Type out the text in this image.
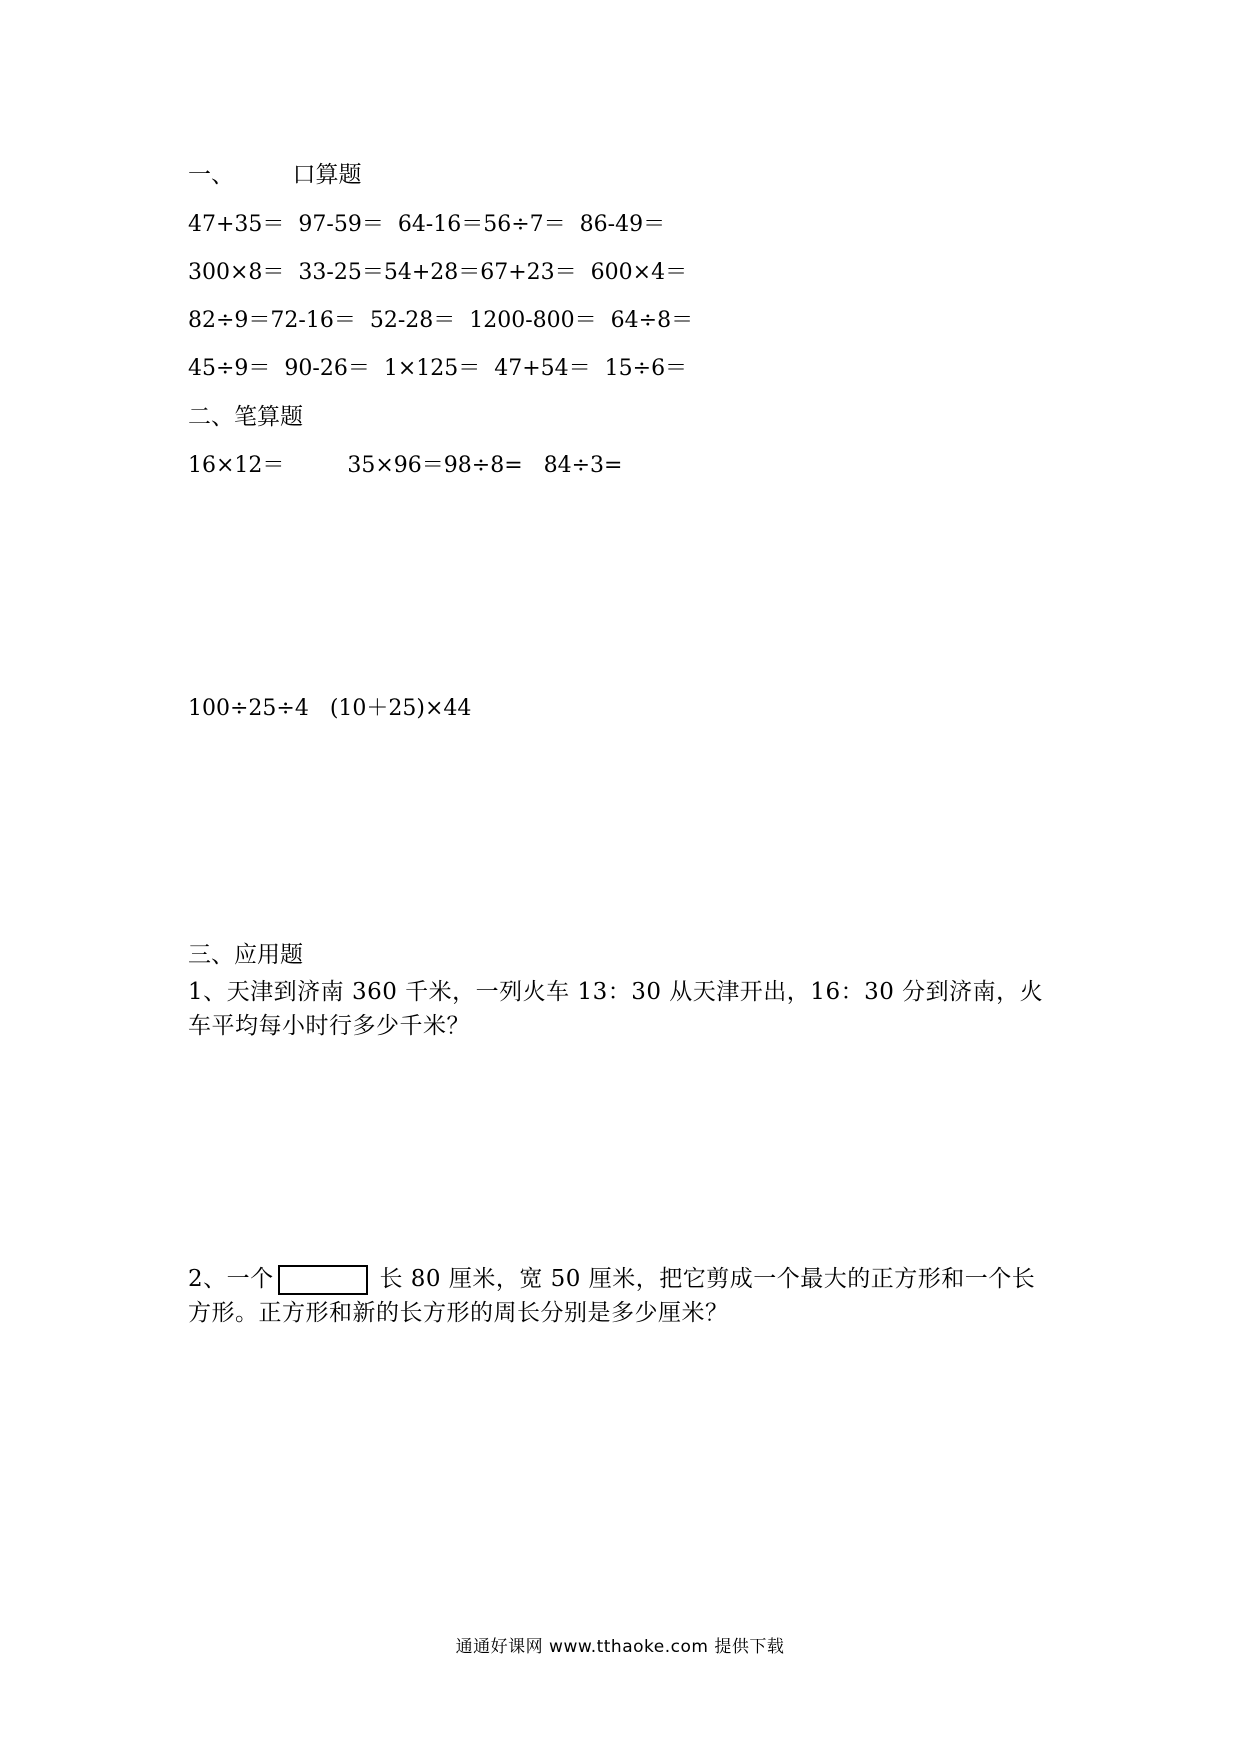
一、        口算题
47+35＝  97-59＝  64-16＝56÷7＝  86-49＝
300×8＝  33-25＝54+28＝67+23＝  600×4＝
82÷9＝72-16＝  52-28＝  1200-800＝  64÷8＝
45÷9＝  90-26＝  1×125＝  47+54＝  15÷6＝
二、笔算题
16×12＝         35×96＝98÷8=   84÷3=
100÷25÷4   (10＋25)×44
三、应用题
1、天津到济南 360 千米，一列火车 13：30 从天津开出，16：30 分到济南，火车平均每小时行多少千米？
2、一个	长 80 厘米，宽 50 厘米，把它剪成一个最大的正方形和一个长方形。正方形和新的长方形的周长分别是多少厘米？
通通好课网 www.tthaoke.com 提供下载
